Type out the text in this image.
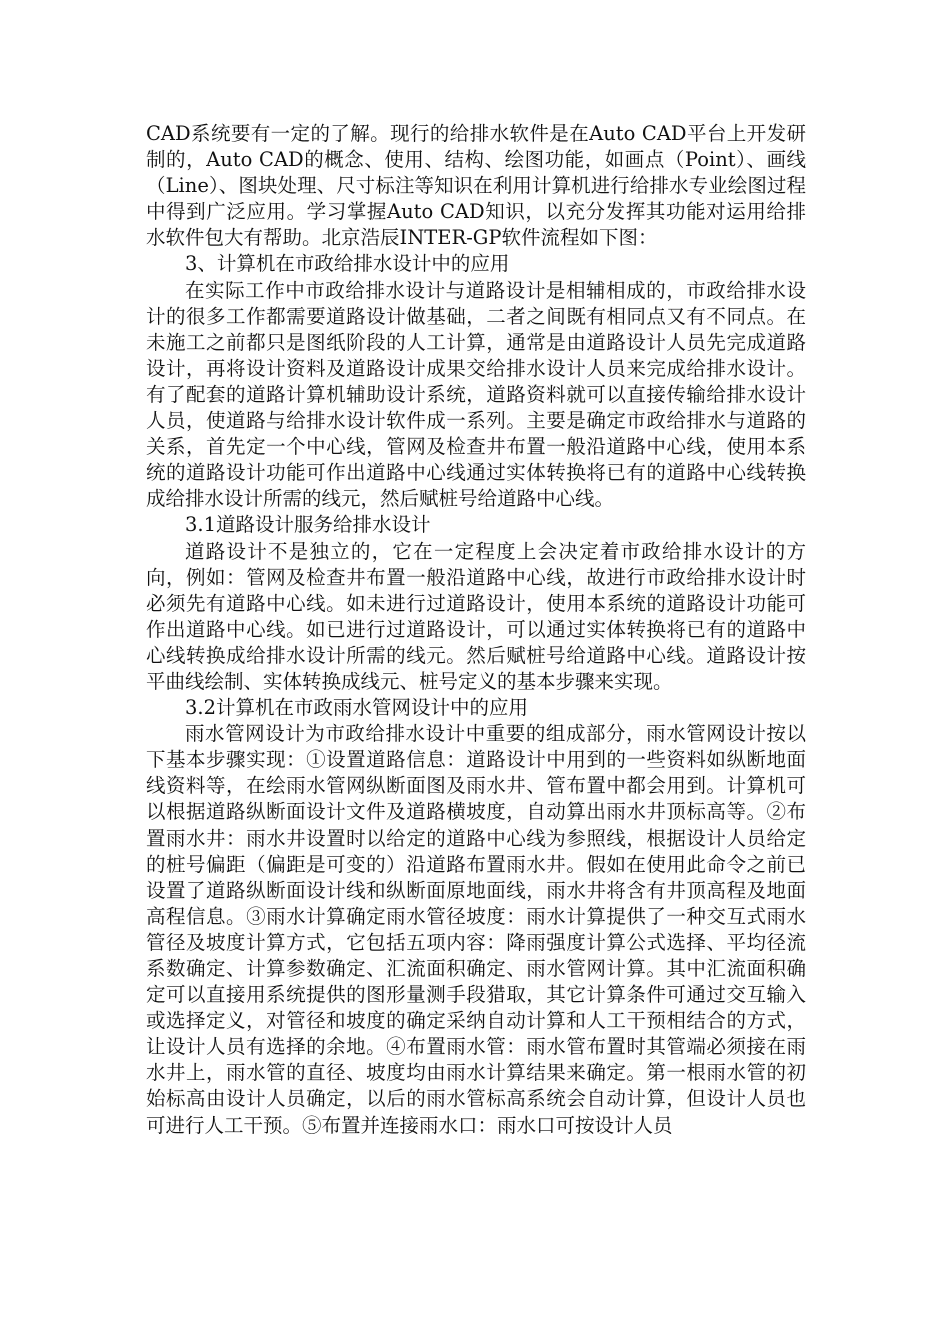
CAD系统要有一定的了解。现行的给排水软件是在Auto CAD平台上开发研制的，Auto CAD的概念、使用、结构、绘图功能，如画点（Point）、画线（Line）、图块处理、尺寸标注等知识在利用计算机进行给排水专业绘图过程中得到广泛应用。学习掌握Auto CAD知识，以充分发挥其功能对运用给排水软件包大有帮助。北京浩辰INTER-GP软件流程如下图：

3、计算机在市政给排水设计中的应用

在实际工作中市政给排水设计与道路设计是相辅相成的，市政给排水设计的很多工作都需要道路设计做基础，二者之间既有相同点又有不同点。在未施工之前都只是图纸阶段的人工计算，通常是由道路设计人员先完成道路设计，再将设计资料及道路设计成果交给排水设计人员来完成给排水设计。有了配套的道路计算机辅助设计系统，道路资料就可以直接传输给排水设计人员，使道路与给排水设计软件成一系列。主要是确定市政给排水与道路的关系，首先定一个中心线，管网及检查井布置一般沿道路中心线，使用本系统的道路设计功能可作出道路中心线通过实体转换将已有的道路中心线转换成给排水设计所需的线元，然后赋桩号给道路中心线。

3.1道路设计服务给排水设计

道路设计不是独立的，它在一定程度上会决定着市政给排水设计的方向，例如：管网及检查井布置一般沿道路中心线，故进行市政给排水设计时必须先有道路中心线。如未进行过道路设计，使用本系统的道路设计功能可作出道路中心线。如已进行过道路设计，可以通过实体转换将已有的道路中心线转换成给排水设计所需的线元。然后赋桩号给道路中心线。道路设计按平曲线绘制、实体转换成线元、桩号定义的基本步骤来实现。

3.2计算机在市政雨水管网设计中的应用

雨水管网设计为市政给排水设计中重要的组成部分，雨水管网设计按以下基本步骤实现：①设置道路信息：道路设计中用到的一些资料如纵断地面线资料等，在绘雨水管网纵断面图及雨水井、管布置中都会用到。计算机可以根据道路纵断面设计文件及道路横坡度，自动算出雨水井顶标高等。②布置雨水井：雨水井设置时以给定的道路中心线为参照线，根据设计人员给定的桩号偏距（偏距是可变的）沿道路布置雨水井。假如在使用此命令之前已设置了道路纵断面设计线和纵断面原地面线，雨水井将含有井顶高程及地面高程信息。③雨水计算确定雨水管径坡度：雨水计算提供了一种交互式雨水管径及坡度计算方式，它包括五项内容：降雨强度计算公式选择、平均径流系数确定、计算参数确定、汇流面积确定、雨水管网计算。其中汇流面积确定可以直接用系统提供的图形量测手段猎取，其它计算条件可通过交互输入或选择定义，对管径和坡度的确定采纳自动计算和人工干预相结合的方式，让设计人员有选择的余地。④布置雨水管：雨水管布置时其管端必须接在雨水井上，雨水管的直径、坡度均由雨水计算结果来确定。第一根雨水管的初始标高由设计人员确定，以后的雨水管标高系统会自动计算，但设计人员也可进行人工干预。⑤布置并连接雨水口：雨水口可按设计人员
